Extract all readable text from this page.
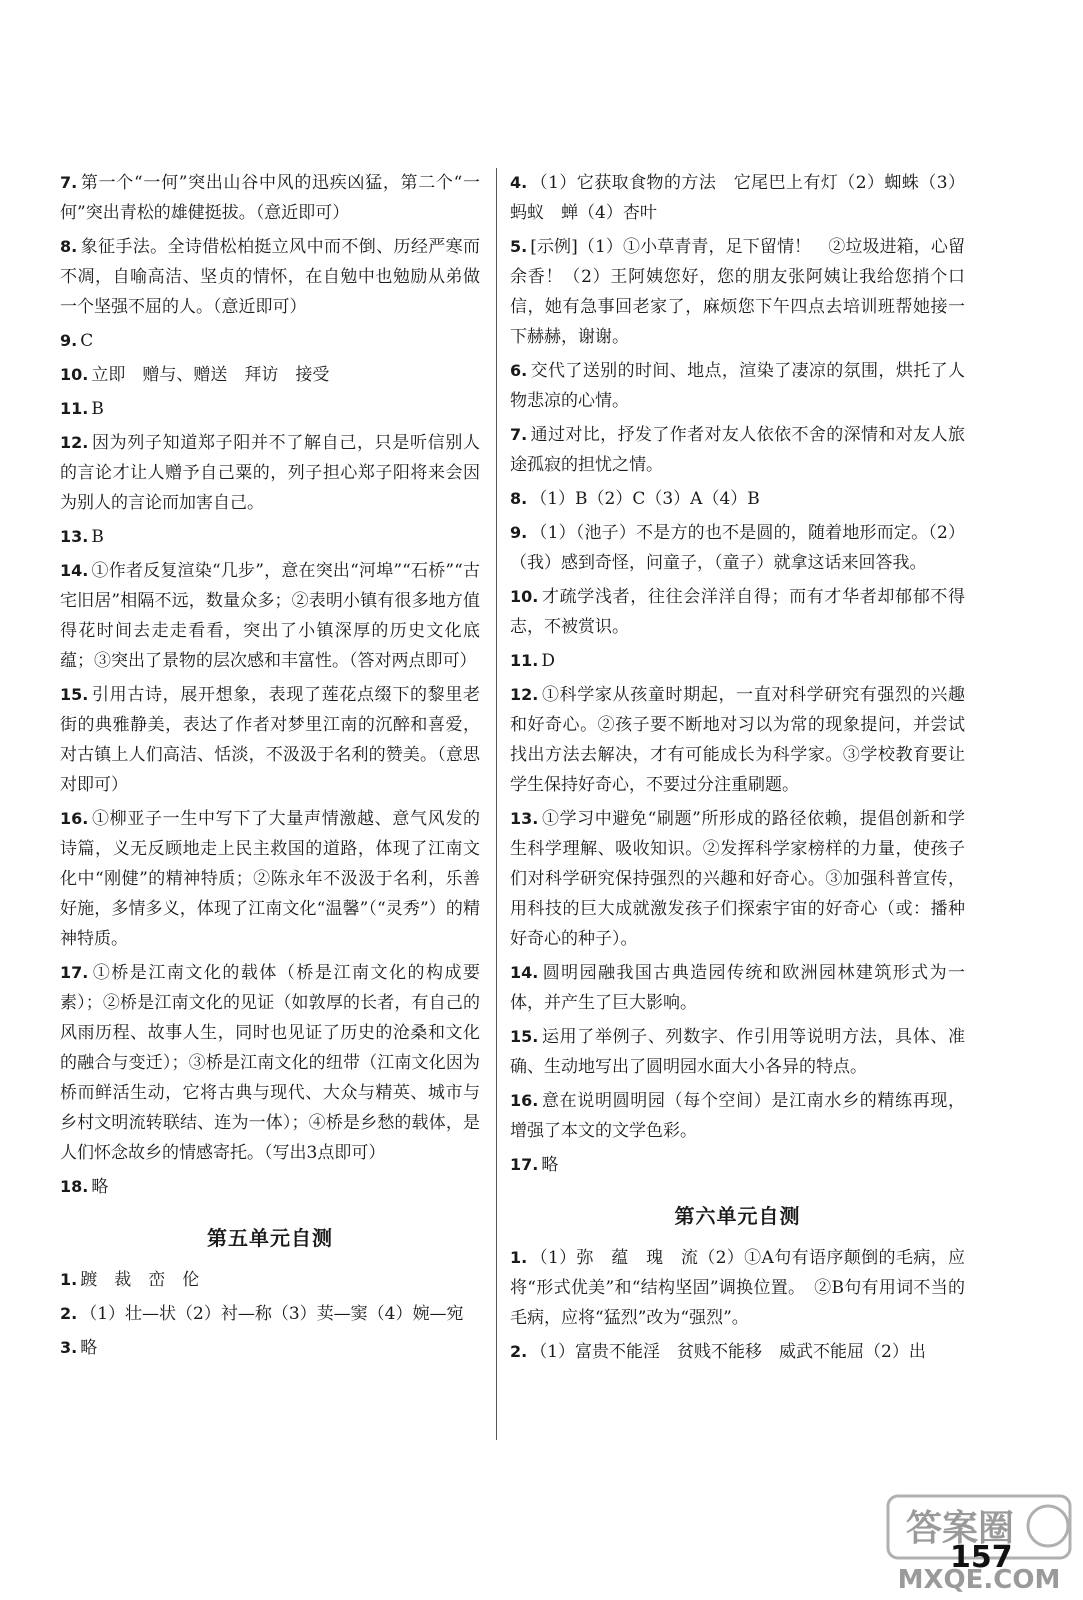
7. 第一个“一何”突出山谷中风的迅疾凶猛，第二个“一何”突出青松的雄健挺拔。（意近即可）
8. 象征手法。全诗借松柏挺立风中而不倒、历经严寒而不凋，自喻高洁、坚贞的情怀，在自勉中也勉励从弟做一个坚强不屈的人。（意近即可）
9. C
10. 立即　赠与、赠送　拜访　接受
11. B
12. 因为列子知道郑子阳并不了解自己，只是听信别人的言论才让人赠予自己粟的，列子担心郑子阳将来会因为别人的言论而加害自己。
13. B
14. ①作者反复渲染“几步”，意在突出“河埠”“石桥”“古宅旧居”相隔不远，数量众多；②表明小镇有很多地方值得花时间去走走看看，突出了小镇深厚的历史文化底蕴；③突出了景物的层次感和丰富性。（答对两点即可）
15. 引用古诗，展开想象，表现了莲花点缀下的黎里老街的典雅静美，表达了作者对梦里江南的沉醉和喜爱，对古镇上人们高洁、恬淡，不汲汲于名利的赞美。（意思对即可）
16. ①柳亚子一生中写下了大量声情激越、意气风发的诗篇，义无反顾地走上民主救国的道路，体现了江南文化中“刚健”的精神特质；②陈永年不汲汲于名利，乐善好施，多情多义，体现了江南文化“温馨”（“灵秀”）的精神特质。
17. ①桥是江南文化的载体（桥是江南文化的构成要素）；②桥是江南文化的见证（如敦厚的长者，有自己的风雨历程、故事人生，同时也见证了历史的沧桑和文化的融合与变迁）；③桥是江南文化的纽带（江南文化因为桥而鲜活生动，它将古典与现代、大众与精英、城市与乡村文明流转联结、连为一体）；④桥是乡愁的载体，是人们怀念故乡的情感寄托。（写出3点即可）
18. 略
第五单元自测
1. 踱　裁　峦　伦
2. （1）壮—状（2）衬—称（3）荬—窦（4）婉—宛
3. 略
4. （1）它获取食物的方法　它尾巴上有灯（2）蜘蛛（3）蚂蚁　蝉（4）杏叶
5. [示例]（1）①小草青青，足下留情！　②垃圾进箱，心留余香！（2）王阿姨您好，您的朋友张阿姨让我给您捎个口信，她有急事回老家了，麻烦您下午四点去培训班帮她接一下赫赫，谢谢。
6. 交代了送别的时间、地点，渲染了凄凉的氛围，烘托了人物悲凉的心情。
7. 通过对比，抒发了作者对友人依依不舍的深情和对友人旅途孤寂的担忧之情。
8. （1）B（2）C（3）A（4）B
9. （1）（池子）不是方的也不是圆的，随着地形而定。（2）（我）感到奇怪，问童子，（童子）就拿这话来回答我。
10. 才疏学浅者，往往会洋洋自得；而有才华者却郁郁不得志，不被赏识。
11. D
12. ①科学家从孩童时期起，一直对科学研究有强烈的兴趣和好奇心。②孩子要不断地对习以为常的现象提问，并尝试找出方法去解决，才有可能成长为科学家。③学校教育要让学生保持好奇心，不要过分注重刷题。
13. ①学习中避免“刷题”所形成的路径依赖，提倡创新和学生科学理解、吸收知识。②发挥科学家榜样的力量，使孩子们对科学研究保持强烈的兴趣和好奇心。③加强科普宣传，用科技的巨大成就激发孩子们探索宇宙的好奇心（或：播种好奇心的种子）。
14. 圆明园融我国古典造园传统和欧洲园林建筑形式为一体，并产生了巨大影响。
15. 运用了举例子、列数字、作引用等说明方法，具体、准确、生动地写出了圆明园水面大小各异的特点。
16. 意在说明圆明园（每个空间）是江南水乡的精练再现，增强了本文的文学色彩。
17. 略
第六单元自测
1. （1）弥　蕴　瑰　流（2）①A句有语序颠倒的毛病，应将“形式优美”和“结构坚固”调换位置。　②B句有用词不当的毛病，应将“猛烈”改为“强烈”。
2. （1）富贵不能淫　贫贱不能移　威武不能屈（2）出
答案圈
MXQE.COM
157
